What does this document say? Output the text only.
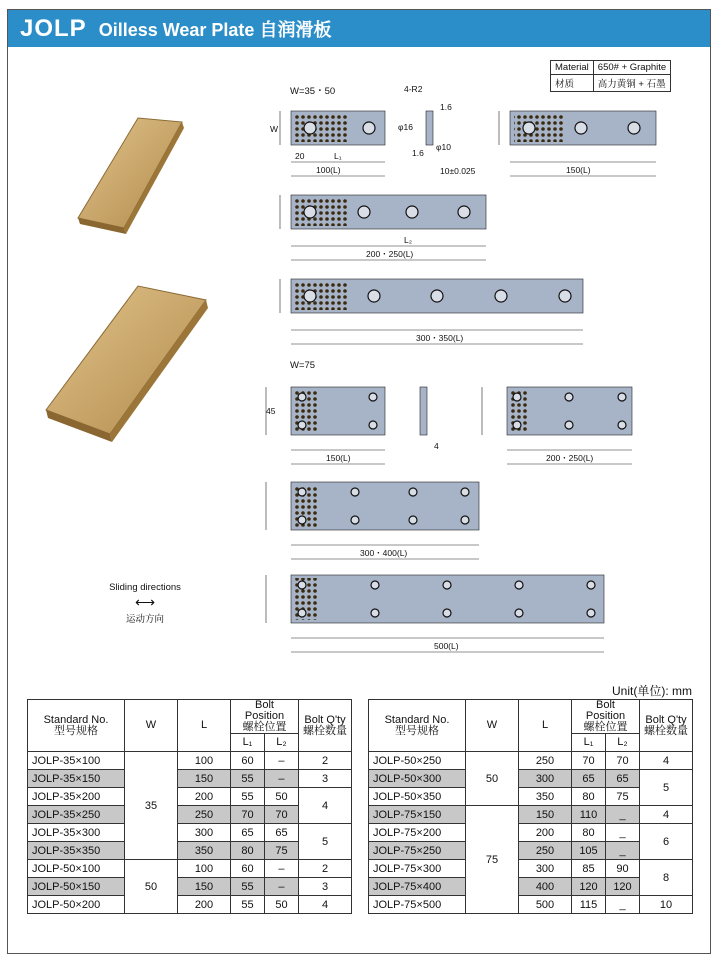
JOLP Oilless Wear Plate 自润滑板
Material	650# + Graphite
材质	高力黄铜 + 石墨
W=35・50
W=75
100(L)	150(L)
200・250(L)
300・350(L)
150(L)	200・250(L)
300・400(L)
500(L)
20	L₁
L₂
W
45
4-R2
φ16
φ10
1.6
1.6
10±0.025
4
Sliding directions
⟷
运动方向
Unit(单位): mm
Standard No.
型号规格	W	L	Bolt Position
螺栓位置		Bolt Q'ty
螺栓数量
			L₁	L₂	
JOLP-35×100	35	100	60	–	2
JOLP-35×150		150	55	–	3
JOLP-35×200		200	55	50	4
JOLP-35×250		250	70	70	
JOLP-35×300		300	65	65	5
JOLP-35×350		350	80	75	
JOLP-50×100	50	100	60	–	2
JOLP-50×150		150	55	–	3
JOLP-50×200		200	55	50	4
Standard No.
型号规格	W	L	Bolt Position
螺栓位置		Bolt Q'ty
螺栓数量
			L₁	L₂	
JOLP-50×250	50	250	70	70	4
JOLP-50×300		300	65	65	5
JOLP-50×350		350	80	75	
JOLP-75×150	75	150	110	_	4
JOLP-75×200		200	80	_	6
JOLP-75×250		250	105	_	
JOLP-75×300		300	85	90	8
JOLP-75×400		400	120	120	
JOLP-75×500		500	115	_	10
